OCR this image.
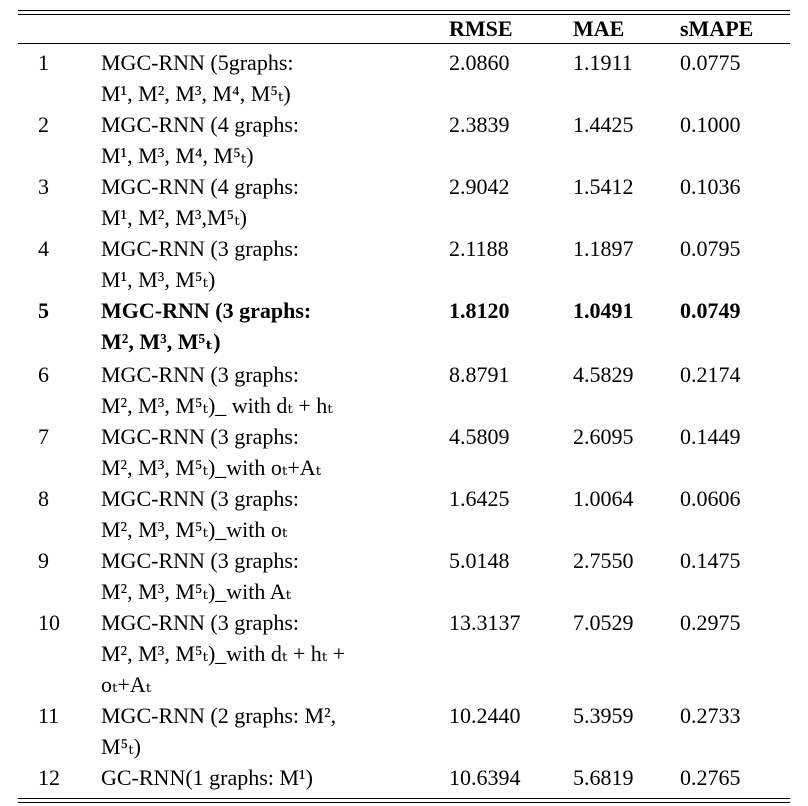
RMSE	MAE	sMAPE
1 MGC-RNN (5graphs:
M¹, M², M³, M⁴, M⁵ₜ)
2.0860	1.1911 0.0775
2 MGC-RNN (4 graphs:
M¹, M³, M⁴, M⁵ₜ)
2.3839	1.4425 0.1000
3 MGC-RNN (4 graphs:
M¹, M², M³,M⁵ₜ)
2.9042	1.5412 0.1036
4 MGC-RNN (3 graphs:
M¹, M³, M⁵ₜ)
2.1188	1.1897 0.0795
5 MGC-RNN (3 graphs:
M², M³, M⁵ₜ)
1.8120	1.0491 0.0749
6 MGC-RNN (3 graphs:
M², M³, M⁵ₜ)_ with dₜ + hₜ
8.8791	4.5829 0.2174
7 MGC-RNN (3 graphs:
M², M³, M⁵ₜ)_with oₜ+Aₜ
4.5809	2.6095 0.1449
8 MGC-RNN (3 graphs:
M², M³, M⁵ₜ)_with oₜ
1.6425	1.0064 0.0606
9 MGC-RNN (3 graphs:
M², M³, M⁵ₜ)_with Aₜ
5.0148	2.7550 0.1475
10 MGC-RNN (3 graphs:
M², M³, M⁵ₜ)_with dₜ + hₜ +
oₜ+Aₜ
13.3137 7.0529 0.2975
11 MGC-RNN (2 graphs: M²,
M⁵ₜ)
10.2440 5.3959 0.2733
12 GC-RNN(1 graphs: M¹)	10.6394 5.6819 0.2765
